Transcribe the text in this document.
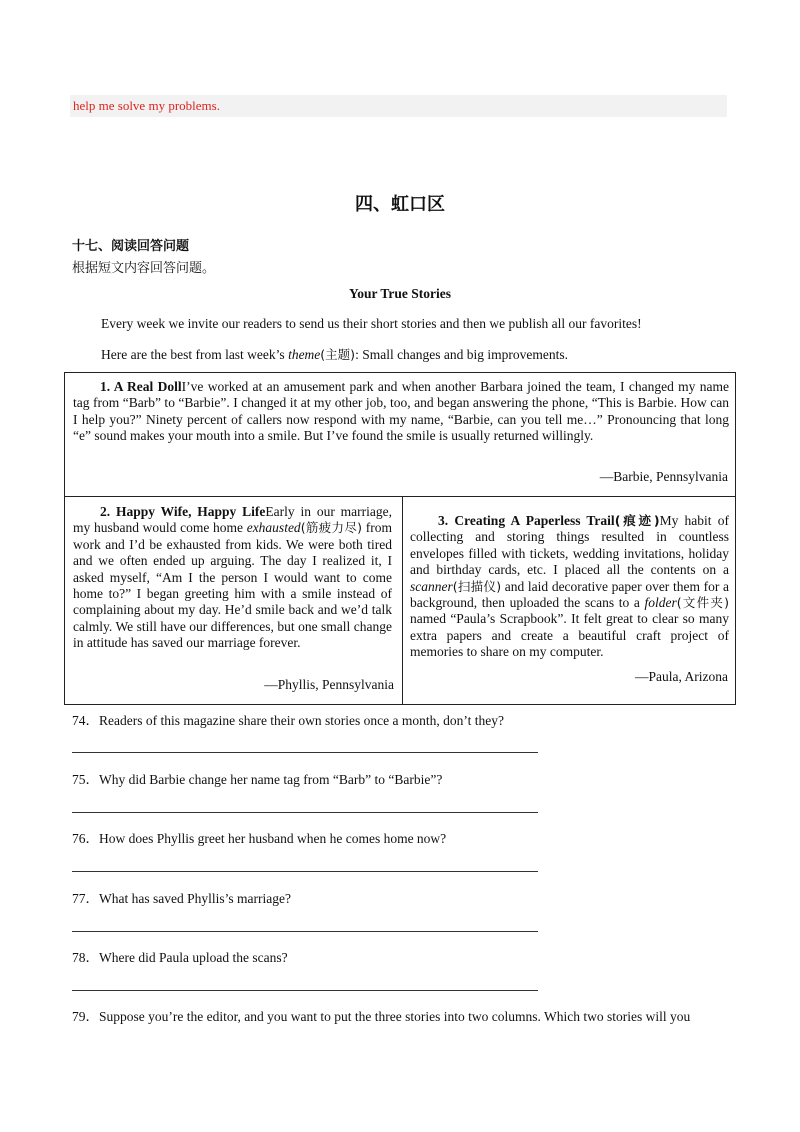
help me solve my problems.
四、虹口区
十七、阅读回答问题
根据短文内容回答问题。
Your True Stories
Every week we invite our readers to send us their short stories and then we publish all our favorites!
Here are the best from last week’s theme(主题): Small changes and big improvements.
1. A Real DollI’ve worked at an amusement park and when another Barbara joined the team, I changed my name tag from “Barb” to “Barbie”. I changed it at my other job, too, and began answering the phone, “This is Barbie. How can I help you?” Ninety percent of callers now respond with my name, “Barbie, can you tell me…” Pronouncing that long “e” sound makes your mouth into a smile. But I’ve found the smile is usually returned willingly.
—Barbie, Pennsylvania
2. Happy Wife, Happy LifeEarly in our marriage, my husband would come home exhausted(筋疲力尽) from work and I’d be exhausted from kids. We were both tired and we often ended up arguing. The day I realized it, I asked myself, “Am I the person I would want to come home to?” I began greeting him with a smile instead of complaining about my day. He’d smile back and we’d talk calmly. We still have our differences, but one small change in attitude has saved our marriage forever.
—Phyllis, Pennsylvania
3. Creating A Paperless Trail(痕迹)My habit of collecting and storing things resulted in countless envelopes filled with tickets, wedding invitations, holiday and birthday cards, etc. I placed all the contents on a scanner(扫描仪) and laid decorative paper over them for a background, then uploaded the scans to a folder(文件夹) named “Paula’s Scrapbook”. It felt great to clear so many extra papers and create a beautiful craft project of memories to share on my computer.
—Paula, Arizona
74．Readers of this magazine share their own stories once a month, don’t they?
75．Why did Barbie change her name tag from “Barb” to “Barbie”?
76．How does Phyllis greet her husband when he comes home now?
77．What has saved Phyllis’s marriage?
78．Where did Paula upload the scans?
79．Suppose you’re the editor, and you want to put the three stories into two columns. Which two stories will you
